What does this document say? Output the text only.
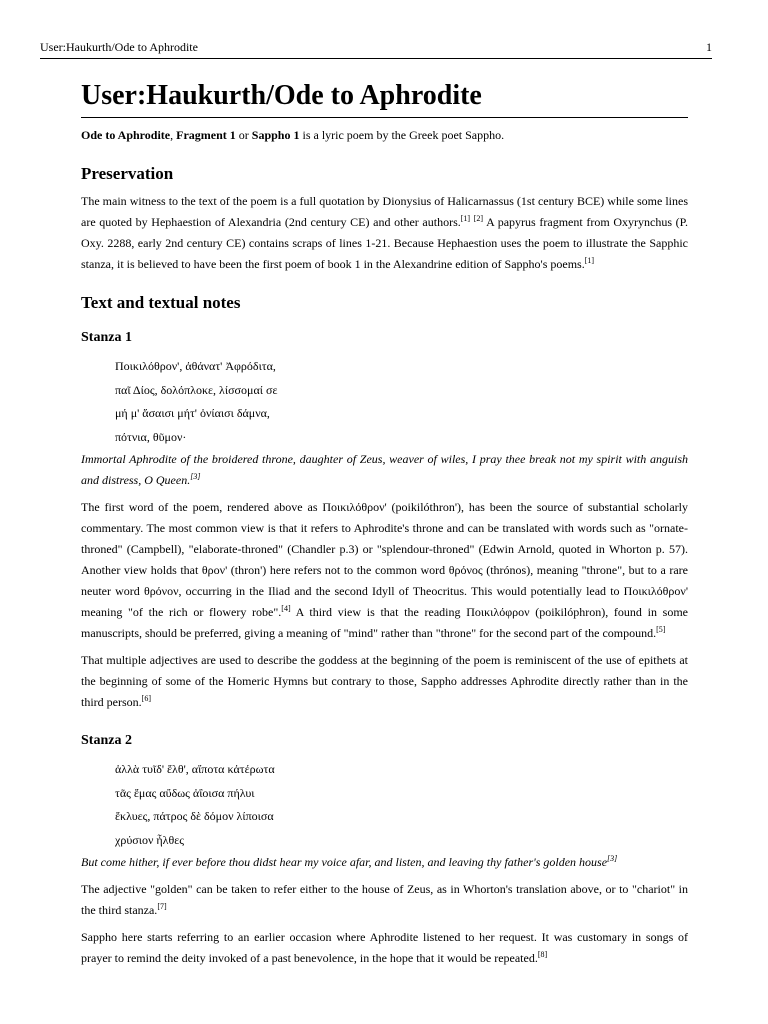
User:Haukurth/Ode to Aphrodite	1
User:Haukurth/Ode to Aphrodite

Ode to Aphrodite, Fragment 1 or Sappho 1 is a lyric poem by the Greek poet Sappho.

Preservation

The main witness to the text of the poem is a full quotation by Dionysius of Halicarnassus (1st century BCE) while some lines are quoted by Hephaestion of Alexandria (2nd century CE) and other authors.[1] [2] A papyrus fragment from Oxyrynchus (P. Oxy. 2288, early 2nd century CE) contains scraps of lines 1-21. Because Hephaestion uses the poem to illustrate the Sapphic stanza, it is believed to have been the first poem of book 1 in the Alexandrine edition of Sappho's poems.[1]

Text and textual notes
Stanza 1
Ποικιλόθρον', ἀθάνατ' Ἀφρόδιτα,
παῖ Δίος, δολόπλοκε, λίσσομαί σε
μή μ' ἄσαισι μήτ' ὀνίαισι δάμνα,
πότνια, θῦμον·

Immortal Aphrodite of the broidered throne, daughter of Zeus, weaver of wiles, I pray thee break not my spirit with anguish and distress, O Queen.[3]

The first word of the poem, rendered above as Ποικιλόθρον' (poikilóthron'), has been the source of substantial scholarly commentary. The most common view is that it refers to Aphrodite's throne and can be translated with words such as "ornate-throned" (Campbell), "elaborate-throned" (Chandler p.3) or "splendour-throned" (Edwin Arnold, quoted in Whorton p. 57). Another view holds that θρον' (thron') here refers not to the common word θρόνος (thrónos), meaning "throne", but to a rare neuter word θρόνον, occurring in the Iliad and the second Idyll of Theocritus. This would potentially lead to Ποικιλόθρον' meaning "of the rich or flowery robe".[4] A third view is that the reading Ποικιλόφρον (poikilóphron), found in some manuscripts, should be preferred, giving a meaning of "mind" rather than "throne" for the second part of the compound.[5]

That multiple adjectives are used to describe the goddess at the beginning of the poem is reminiscent of the use of epithets at the beginning of some of the Homeric Hymns but contrary to those, Sappho addresses Aphrodite directly rather than in the third person.[6]

Stanza 2
ἀλλὰ τυῖδ' ἔλθ', αἴποτα κἀτέρωτα
τᾶς ἔμας αὔδως ἀΐοισα πήλυι
ἔκλυες, πάτρος δὲ δόμον λίποισα
χρύσιον ἦλθες

But come hither, if ever before thou didst hear my voice afar, and listen, and leaving thy father's golden house[3]

The adjective "golden" can be taken to refer either to the house of Zeus, as in Whorton's translation above, or to "chariot" in the third stanza.[7]

Sappho here starts referring to an earlier occasion where Aphrodite listened to her request. It was customary in songs of prayer to remind the deity invoked of a past benevolence, in the hope that it would be repeated.[8]
